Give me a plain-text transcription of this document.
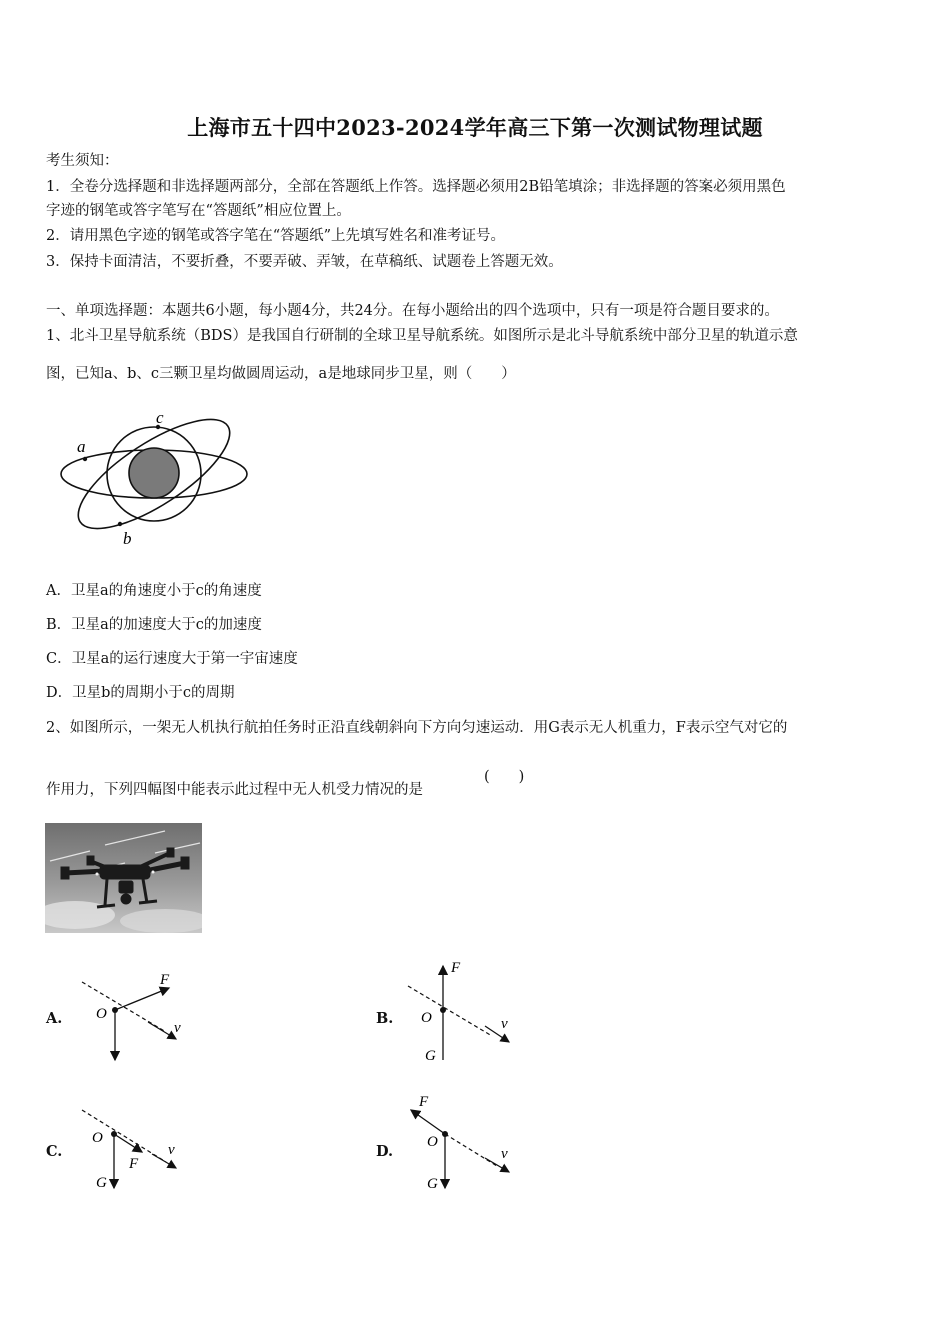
上海市五十四中2023-2024学年高三下第一次测试物理试题
考生须知：
1．全卷分选择题和非选择题两部分，全部在答题纸上作答。选择题必须用2B铅笔填涂；非选择题的答案必须用黑色
字迹的钢笔或答字笔写在“答题纸”相应位置上。
2．请用黑色字迹的钢笔或答字笔在“答题纸”上先填写姓名和准考证号。
3．保持卡面清洁，不要折叠，不要弄破、弄皱，在草稿纸、试题卷上答题无效。
一、单项选择题：本题共6小题，每小题4分，共24分。在每小题给出的四个选项中，只有一项是符合题目要求的。
1、北斗卫星导航系统（BDS）是我国自行研制的全球卫星导航系统。如图所示是北斗导航系统中部分卫星的轨道示意
图，已知a、b、c三颗卫星均做圆周运动，a是地球同步卫星，则（　　）
a
c
b
A．卫星a的角速度小于c的角速度
B．卫星a的加速度大于c的加速度
C．卫星a的运行速度大于第一宇宙速度
D．卫星b的周期小于c的周期
2、如图所示，一架无人机执行航拍任务时正沿直线朝斜向下方向匀速运动．用G表示无人机重力，F表示空气对它的
作用力，下列四幅图中能表示此过程中无人机受力情况的是
(　　)
A. O
F
v
B. O
F
v
G
C.
O
F
v
G
D.
O
F
v
G
